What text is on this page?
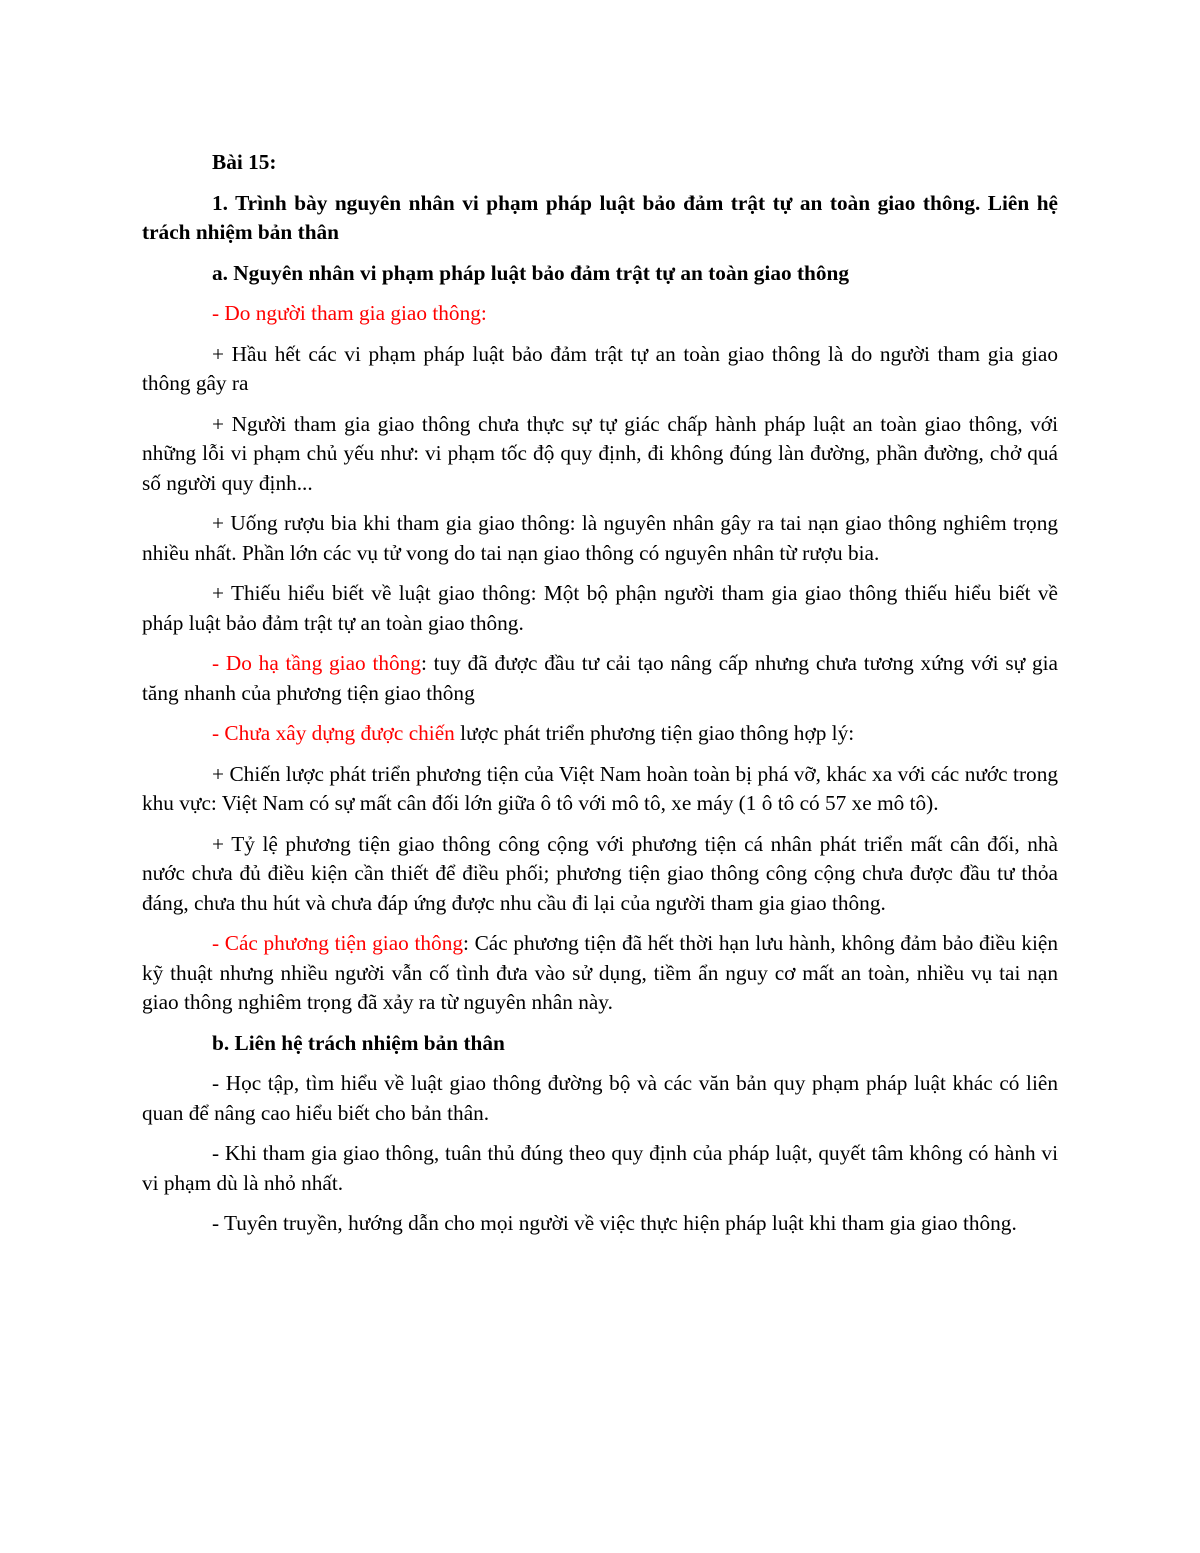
Bài 15:

1. Trình bày nguyên nhân vi phạm pháp luật bảo đảm trật tự an toàn giao thông. Liên hệ trách nhiệm bản thân

a. Nguyên nhân vi phạm pháp luật bảo đảm trật tự an toàn giao thông

- Do người tham gia giao thông:

+ Hầu hết các vi phạm pháp luật bảo đảm trật tự an toàn giao thông là do người tham gia giao thông gây ra

+ Người tham gia giao thông chưa thực sự tự giác chấp hành pháp luật an toàn giao thông, với những lỗi vi phạm chủ yếu như: vi phạm tốc độ quy định, đi không đúng làn đường, phần đường, chở quá số người quy định...

+ Uống rượu bia khi tham gia giao thông: là nguyên nhân gây ra tai nạn giao thông nghiêm trọng nhiều nhất. Phần lớn các vụ tử vong do tai nạn giao thông có nguyên nhân từ rượu bia.

+ Thiếu hiểu biết về luật giao thông: Một bộ phận người tham gia giao thông thiếu hiểu biết về pháp luật bảo đảm trật tự an toàn giao thông.

- Do hạ tầng giao thông: tuy đã được đầu tư cải tạo nâng cấp nhưng chưa tương xứng với sự gia tăng nhanh của phương tiện giao thông

- Chưa xây dựng được chiến lược phát triển phương tiện giao thông hợp lý:

+ Chiến lược phát triển phương tiện của Việt Nam hoàn toàn bị phá vỡ, khác xa với các nước trong khu vực: Việt Nam có sự mất cân đối lớn giữa ô tô với mô tô, xe máy (1 ô tô có 57 xe mô tô).

+ Tỷ lệ phương tiện giao thông công cộng với phương tiện cá nhân phát triển mất cân đối, nhà nước chưa đủ điều kiện cần thiết để điều phối; phương tiện giao thông công cộng chưa được đầu tư thỏa đáng, chưa thu hút và chưa đáp ứng được nhu cầu đi lại của người tham gia giao thông.

- Các phương tiện giao thông: Các phương tiện đã hết thời hạn lưu hành, không đảm bảo điều kiện kỹ thuật nhưng nhiều người vẫn cố tình đưa vào sử dụng, tiềm ẩn nguy cơ mất an toàn, nhiều vụ tai nạn giao thông nghiêm trọng đã xảy ra từ nguyên nhân này.

b. Liên hệ trách nhiệm bản thân

- Học tập, tìm hiểu về luật giao thông đường bộ và các văn bản quy phạm pháp luật khác có liên quan để nâng cao hiểu biết cho bản thân.

- Khi tham gia giao thông, tuân thủ đúng theo quy định của pháp luật, quyết tâm không có hành vi vi phạm dù là nhỏ nhất.

- Tuyên truyền, hướng dẫn cho mọi người về việc thực hiện pháp luật khi tham gia giao thông.
